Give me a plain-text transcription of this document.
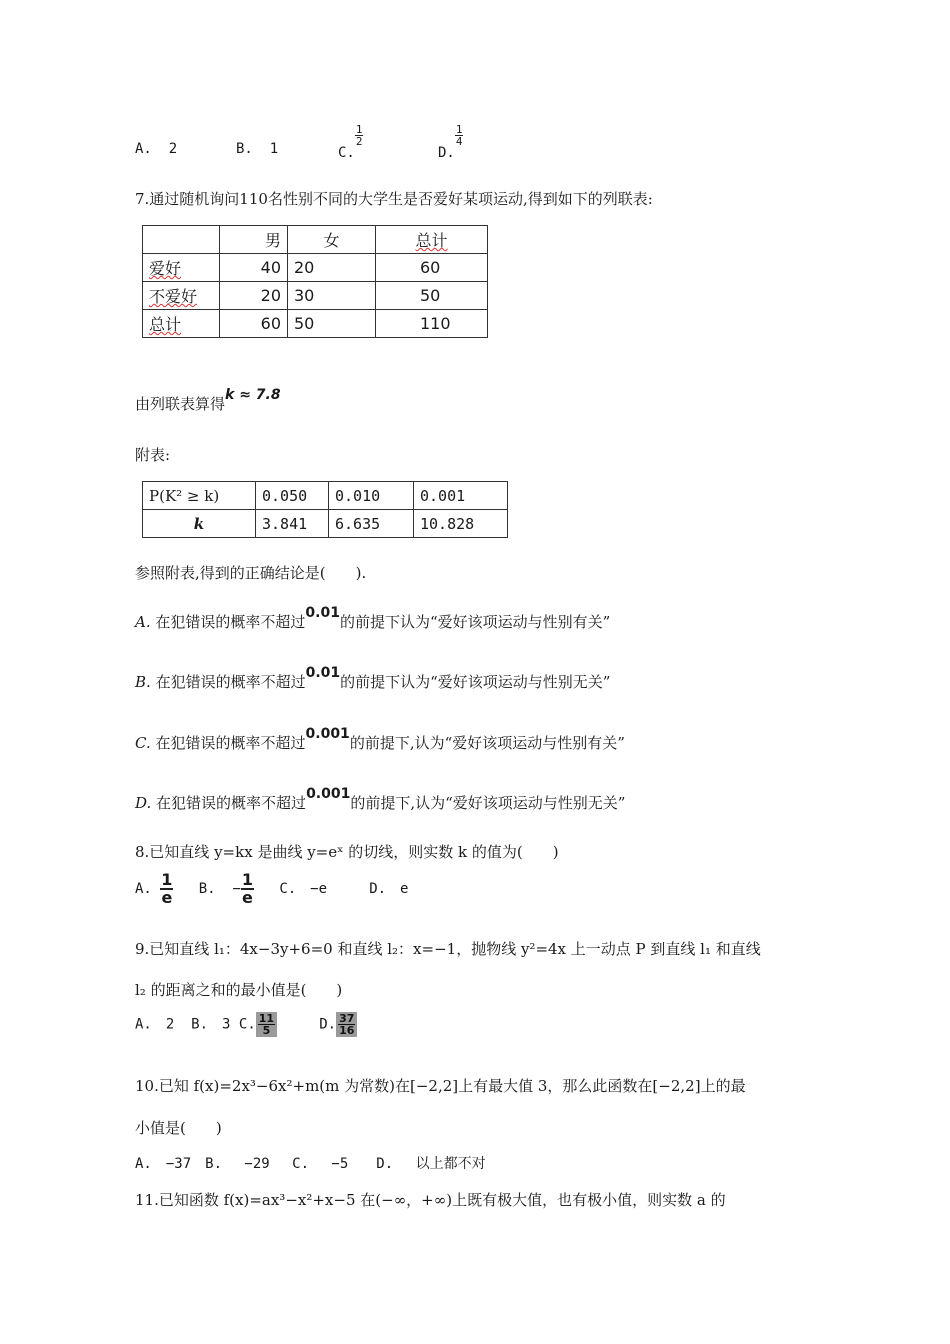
A. 2	B. 1	C.
$\frac{1}{2}$
D.
$\frac{1}{4}$
7.通过随机询问110名性别不同的大学生是否爱好某项运动,得到如下的列联表:
	男	女	总计
爱好	40	20	60
不爱好	20	30	50
总计	60	50	110
由列联表算得k ≈ 7.8
附表:
P(K² ≥ k)	0.050	0.010	0.001
k	3.841	6.635	10.828
参照附表,得到的正确结论是(　　).
A. 在犯错误的概率不超过0.01的前提下认为“爱好该项运动与性别有关”
B. 在犯错误的概率不超过0.01的前提下认为“爱好该项运动与性别无关”
C. 在犯错误的概率不超过0.001的前提下,认为“爱好该项运动与性别有关”
D. 在犯错误的概率不超过0.001的前提下,认为“爱好该项运动与性别无关”
8.已知直线 y=kx 是曲线 y=eˣ 的切线，则实数 k 的值为(　　)
A. $\frac{1}{e} B$. − $\frac{1}{e} C$.　−e	D.　e
9.已知直线 l₁：4x−3y+6=0 和直线 l₂：x=−1，抛物线 y²=4x 上一动点 P 到直线 l₁ 和直线
l₂ 的距离之和的最小值是(　　)
A.　2 B.　3 C. $\frac{11}{5}$	D. $\frac{37}{16}$
10.已知 f(x)=2x³−6x²+m(m 为常数)在[−2,2]上有最大值 3，那么此函数在[−2,2]上的最
小值是(　　)
A.　−37　B.　 −29　 C.　 −5　　D.　 以上都不对
11.已知函数 f(x)=ax³−x²+x−5 在(−∞，+∞)上既有极大值，也有极小值，则实数 a 的
